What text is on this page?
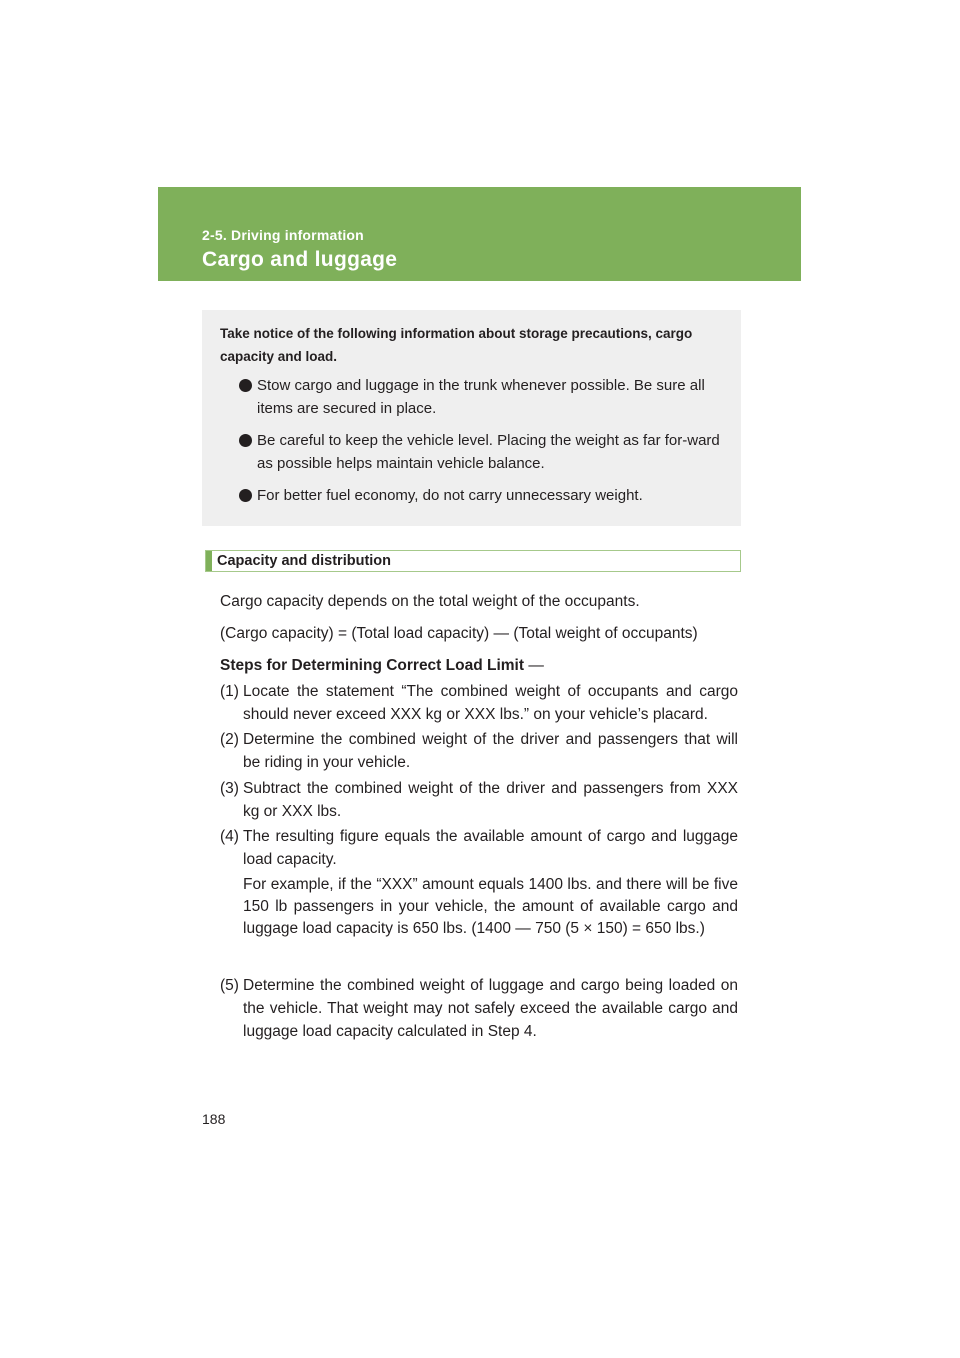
2-5. Driving information
Cargo and luggage
Take notice of the following information about storage precautions, cargo capacity and load.
Stow cargo and luggage in the trunk whenever possible. Be sure all items are secured in place.
Be careful to keep the vehicle level. Placing the weight as far for-ward as possible helps maintain vehicle balance.
For better fuel economy, do not carry unnecessary weight.
Capacity and distribution
Cargo capacity depends on the total weight of the occupants.
(Cargo capacity) = (Total load capacity) — (Total weight of occupants)
Steps for Determining Correct Load Limit —
(1) Locate the statement “The combined weight of occupants and cargo should never exceed XXX kg or XXX lbs.” on your vehicle’s placard.
(2) Determine the combined weight of the driver and passengers that will be riding in your vehicle.
(3) Subtract the combined weight of the driver and passengers from XXX kg or XXX lbs.
(4) The resulting figure equals the available amount of cargo and luggage load capacity.
For example, if the “XXX” amount equals 1400 lbs. and there will be five 150 lb passengers in your vehicle, the amount of available cargo and luggage load capacity is 650 lbs. (1400 — 750 (5 × 150) = 650 lbs.)
(5) Determine the combined weight of luggage and cargo being loaded on the vehicle. That weight may not safely exceed the available cargo and luggage load capacity calculated in Step 4.
188
